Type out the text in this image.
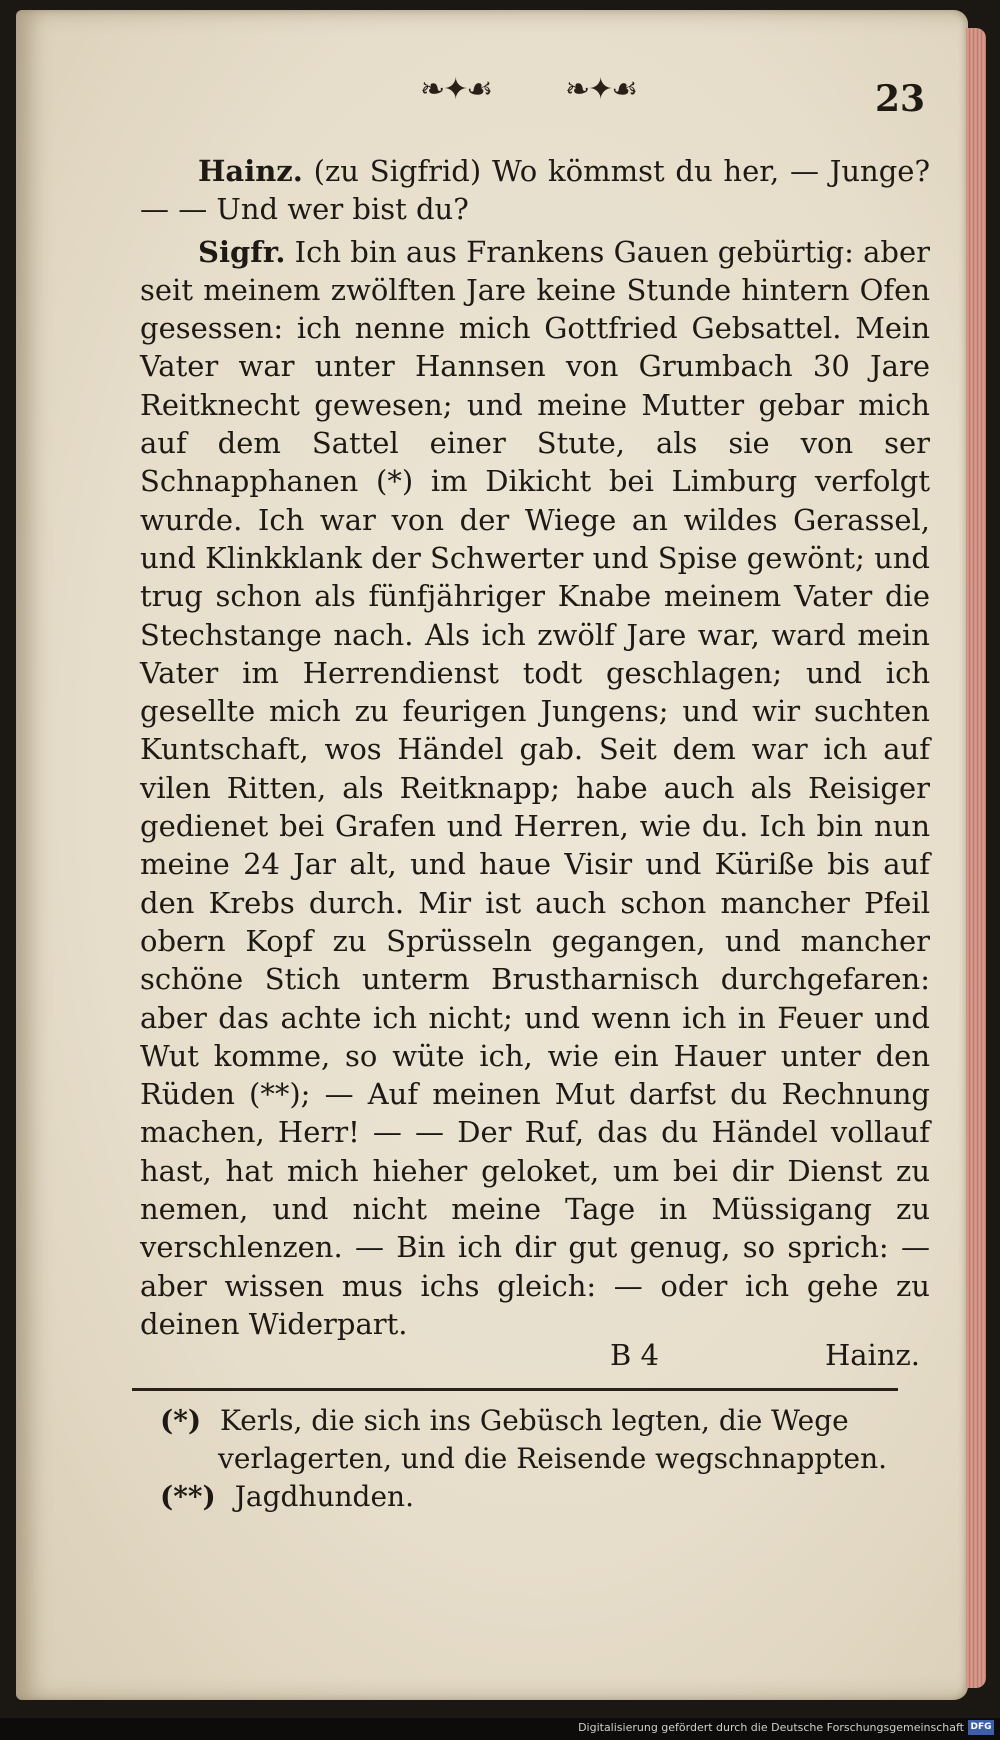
❧✦☙ ❧✦☙	23

Hainz. (zu Sigfrid) Wo kömmst du her, — Junge? — — Und wer bist du?

Sigfr. Ich bin aus Frankens Gauen gebürtig: aber seit meinem zwölften Jare keine Stunde hintern Ofen gesessen: ich nenne mich Gottfried Gebsattel. Mein Vater war unter Hannsen von Grumbach 30 Jare Reitknecht gewesen; und meine Mutter gebar mich auf dem Sattel einer Stute, als sie von ser Schnapphanen (*) im Dikicht bei Limburg verfolgt wurde. Ich war von der Wiege an wildes Gerassel, und Klinkklank der Schwerter und Spise gewönt; und trug schon als fünfjähriger Knabe meinem Vater die Stechstange nach. Als ich zwölf Jare war, ward mein Vater im Herrendienst todt geschlagen; und ich gesellte mich zu feurigen Jungens; und wir suchten Kuntschaft, wos Händel gab. Seit dem war ich auf vilen Ritten, als Reitknapp; habe auch als Reisiger gedienet bei Grafen und Herren, wie du. Ich bin nun meine 24 Jar alt, und haue Visir und Küriße bis auf den Krebs durch. Mir ist auch schon mancher Pfeil obern Kopf zu Sprüsseln gegangen, und mancher schöne Stich unterm Brustharnisch durchgefaren: aber das achte ich nicht; und wenn ich in Feuer und Wut komme, so wüte ich, wie ein Hauer unter den Rüden (**); — Auf meinen Mut darfst du Rechnung machen, Herr! — — Der Ruf, das du Händel vollauf hast, hat mich hieher geloket, um bei dir Dienst zu nemen, und nicht meine Tage in Müssigang zu verschlenzen. — Bin ich dir gut genug, so sprich: — aber wissen mus ichs gleich: — oder ich gehe zu deinen Widerpart.

B 4	Hainz.

(*) Kerls, die sich ins Gebüsch legten, die Wege
verlagerten, und die Reisende wegschnappten.

(**) Jagdhunden.

Digitalisierung gefördert durch die Deutsche Forschungsgemeinschaft DFG
